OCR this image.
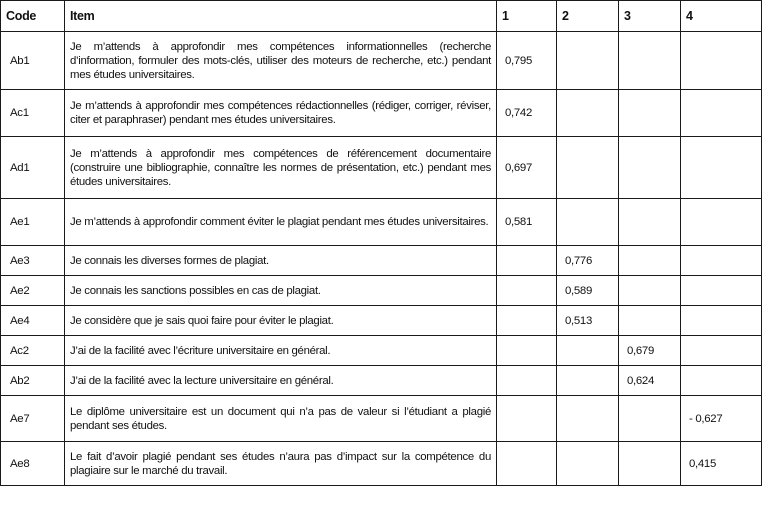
Code	Item	1	2	3	4
Ab1	Je m’attends à approfondir mes compétences informationnelles (recherche d’information, formuler des mots-clés, utiliser des moteurs de recherche, etc.) pendant mes études universitaires.	0,795			
Ac1	Je m’attends à approfondir mes compétences rédactionnelles (rédiger, corriger, réviser, citer et paraphraser) pendant mes études universitaires.	0,742			
Ad1	Je m’attends à approfondir mes compétences de référencement documentaire (construire une bibliographie, connaître les normes de présentation, etc.) pendant mes études universitaires.	0,697			
Ae1	Je m’attends à approfondir comment éviter le plagiat pendant mes études universitaires.	0,581			
Ae3	Je connais les diverses formes de plagiat.		0,776		
Ae2	Je connais les sanctions possibles en cas de plagiat.		0,589		
Ae4	Je considère que je sais quoi faire pour éviter le plagiat.		0,513		
Ac2	J’ai de la facilité avec l’écriture universitaire en général.			0,679	
Ab2	J’ai de la facilité avec la lecture universitaire en général.			0,624	
Ae7	Le diplôme universitaire est un document qui n’a pas de valeur si l’étudiant a plagié pendant ses études.				- 0,627
Ae8	Le fait d’avoir plagié pendant ses études n’aura pas d’impact sur la compétence du plagiaire sur le marché du travail.				0,415
